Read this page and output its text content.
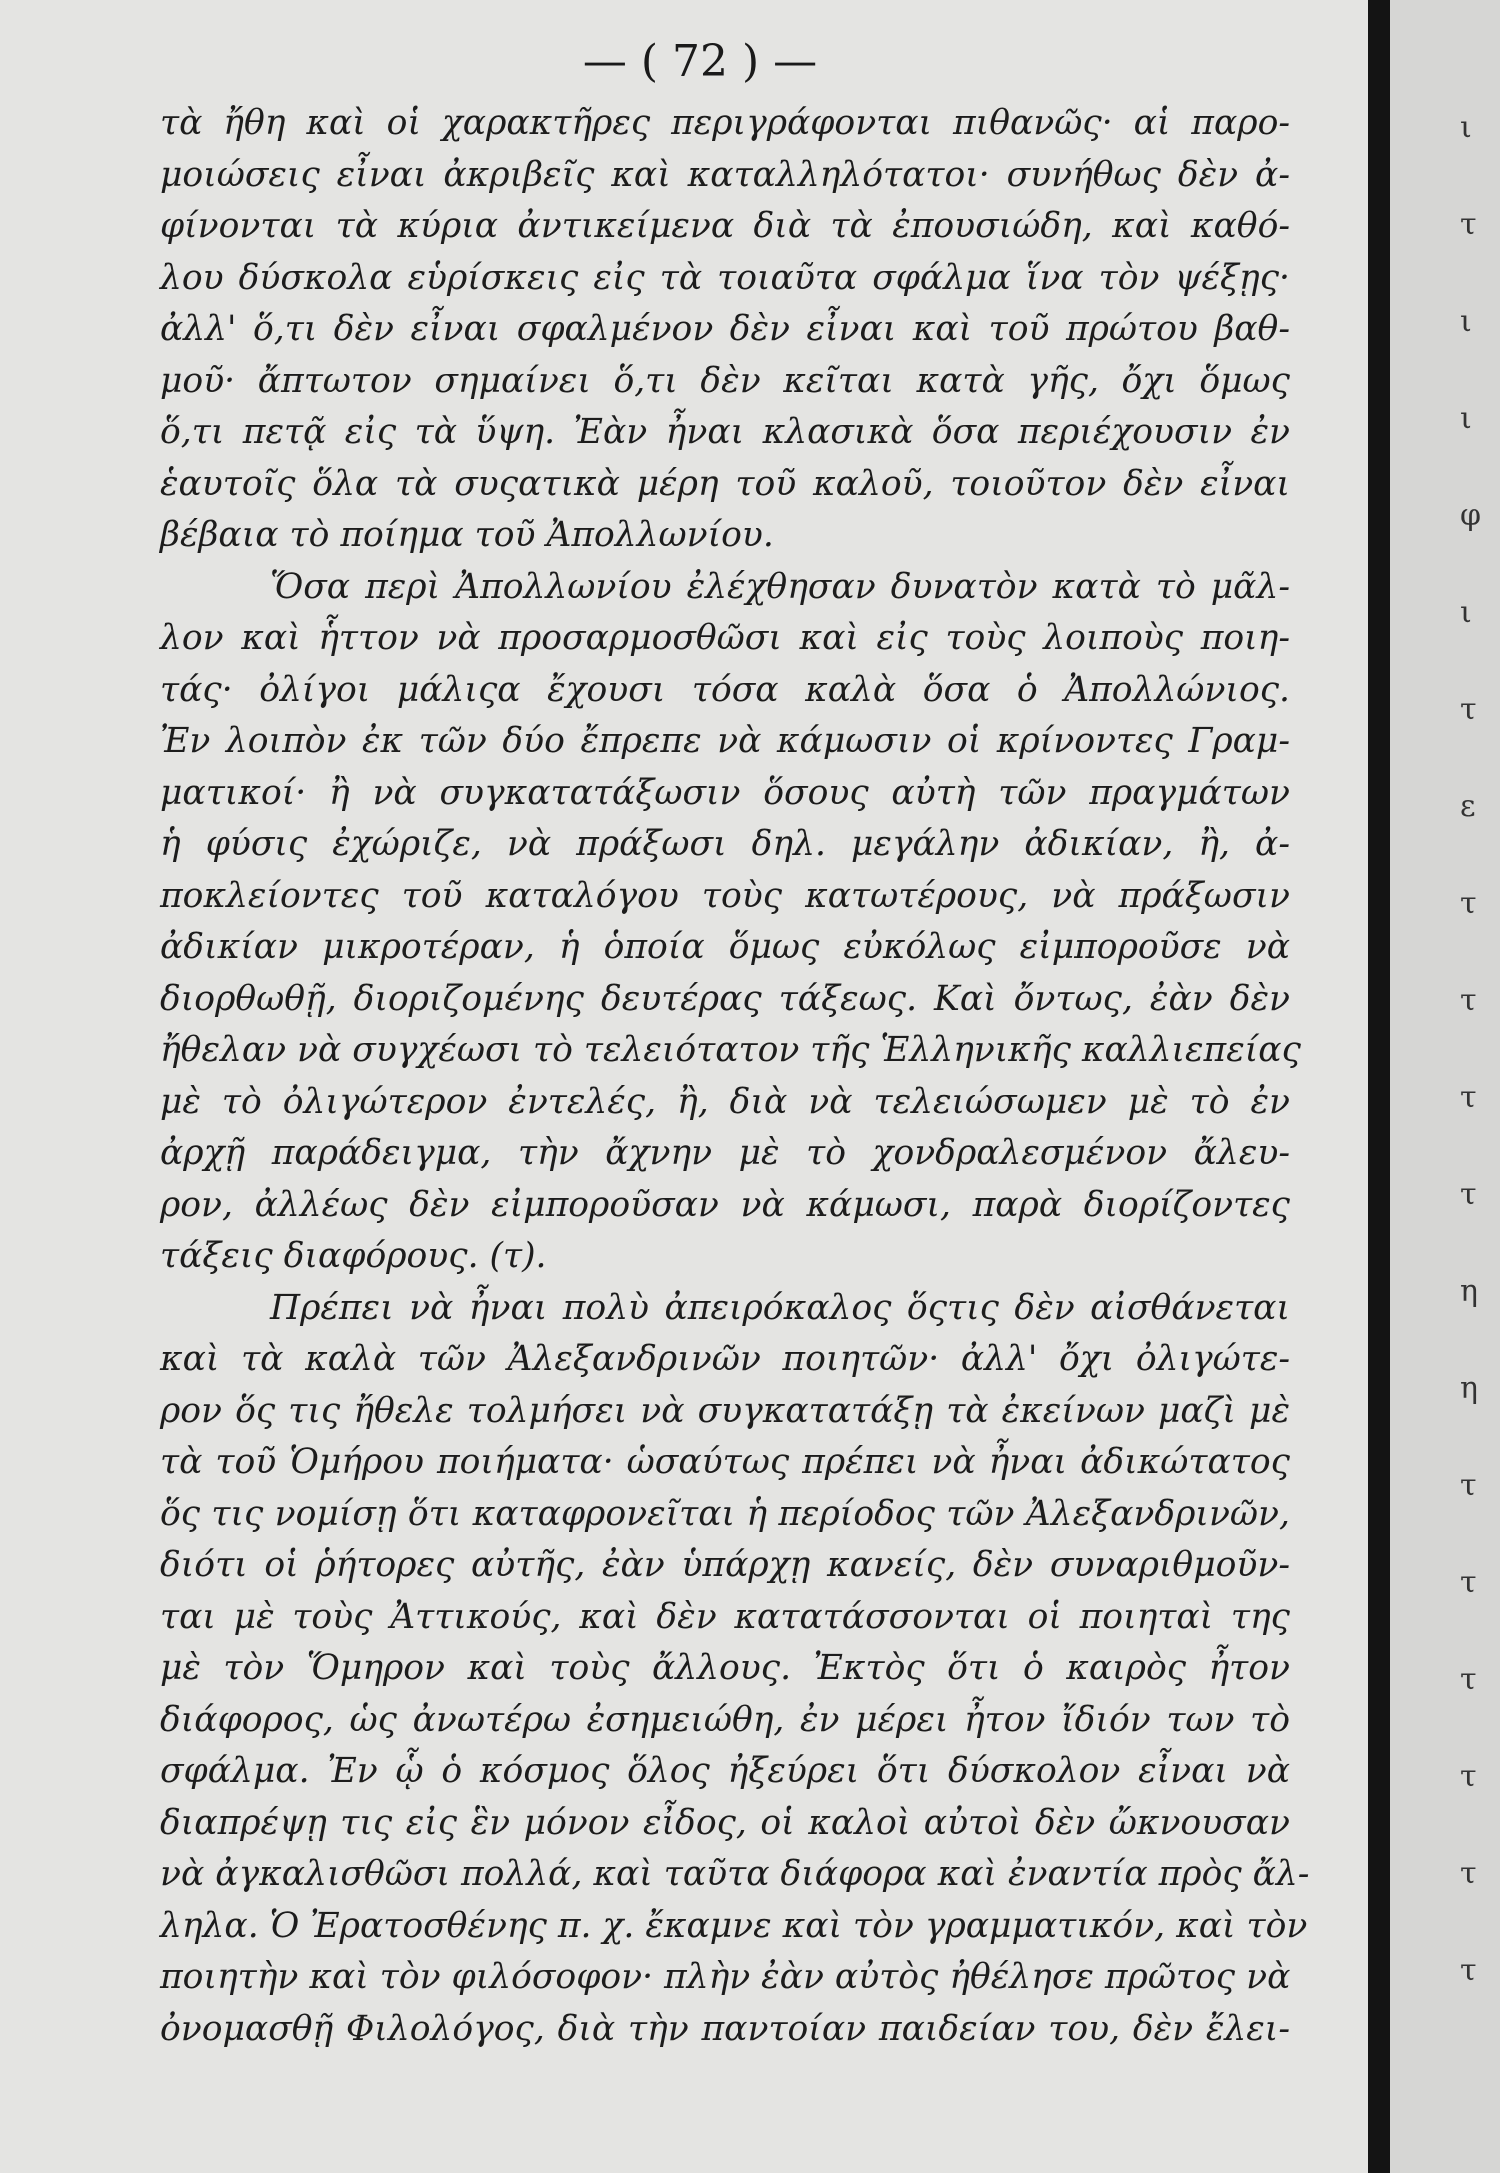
— ( 72 ) —
τὰ ἤθη καὶ οἱ χαρακτῆρες περιγράφονται πιθανῶς· αἱ παρο-
μοιώσεις εἶναι ἀκριβεῖς καὶ καταλληλότατοι· συνήθως δὲν ἀ-
φίνονται τὰ κύρια ἀντικείμενα διὰ τὰ ἐπουσιώδη, καὶ καθό-
λου δύσκολα εὑρίσκεις εἰς τὰ τοιαῦτα σφάλμα ἵνα τὸν ψέξῃς·
ἀλλ' ὅ,τι δὲν εἶναι σφαλμένον δὲν εἶναι καὶ τοῦ πρώτου βαθ-
μοῦ· ἄπτωτον σημαίνει ὅ,τι δὲν κεῖται κατὰ γῆς, ὄχι ὅμως
ὅ,τι πετᾷ εἰς τὰ ὕψη. Ἐὰν ἦναι κλασικὰ ὅσα περιέχουσιν ἐν
ἑαυτοῖς ὅλα τὰ συςατικὰ μέρη τοῦ καλοῦ, τοιοῦτον δὲν εἶναι
βέβαια τὸ ποίημα τοῦ Ἀπολλωνίου.
Ὅσα περὶ Ἀπολλωνίου ἐλέχθησαν δυνατὸν κατὰ τὸ μᾶλ-
λον καὶ ἧττον νὰ προσαρμοσθῶσι καὶ εἰς τοὺς λοιποὺς ποιη-
τάς· ὀλίγοι μάλιςα ἔχουσι τόσα καλὰ ὅσα ὁ Ἀπολλώνιος.
Ἐν λοιπὸν ἐκ τῶν δύο ἔπρεπε νὰ κάμωσιν οἱ κρίνοντες Γραμ-
ματικοί· ἢ νὰ συγκατατάξωσιν ὅσους αὐτὴ τῶν πραγμάτων
ἡ φύσις ἐχώριζε, νὰ πράξωσι δηλ. μεγάλην ἀδικίαν, ἢ, ἀ-
ποκλείοντες τοῦ καταλόγου τοὺς κατωτέρους, νὰ πράξωσιν
ἀδικίαν μικροτέραν, ἡ ὁποία ὅμως εὐκόλως εἰμποροῦσε νὰ
διορθωθῇ, διοριζομένης δευτέρας τάξεως. Καὶ ὄντως, ἐὰν δὲν
ἤθελαν νὰ συγχέωσι τὸ τελειότατον τῆς Ἑλληνικῆς καλλιεπείας
μὲ τὸ ὀλιγώτερον ἐντελές, ἢ, διὰ νὰ τελειώσωμεν μὲ τὸ ἐν
ἀρχῇ παράδειγμα, τὴν ἄχνην μὲ τὸ χονδραλεσμένον ἄλευ-
ρον, ἀλλέως δὲν εἰμποροῦσαν νὰ κάμωσι, παρὰ διορίζοντες
τάξεις διαφόρους. (τ).
Πρέπει νὰ ἦναι πολὺ ἀπειρόκαλος ὅςτις δὲν αἰσθάνεται
καὶ τὰ καλὰ τῶν Ἀλεξανδρινῶν ποιητῶν· ἀλλ' ὄχι ὀλιγώτε-
ρον ὅς τις ἤθελε τολμήσει νὰ συγκατατάξῃ τὰ ἐκείνων μαζὶ μὲ
τὰ τοῦ Ὁμήρου ποιήματα· ὡσαύτως πρέπει νὰ ἦναι ἀδικώτατος
ὅς τις νομίσῃ ὅτι καταφρονεῖται ἡ περίοδος τῶν Ἀλεξανδρινῶν,
διότι οἱ ῥήτορες αὐτῆς, ἐὰν ὑπάρχῃ κανείς, δὲν συναριθμοῦν-
ται μὲ τοὺς Ἀττικούς, καὶ δὲν κατατάσσονται οἱ ποιηταὶ της
μὲ τὸν Ὅμηρον καὶ τοὺς ἄλλους. Ἐκτὸς ὅτι ὁ καιρὸς ἦτον
διάφορος, ὡς ἀνωτέρω ἐσημειώθη, ἐν μέρει ἦτον ἴδιόν των τὸ
σφάλμα. Ἐν ᾧ ὁ κόσμος ὅλος ἠξεύρει ὅτι δύσκολον εἶναι νὰ
διαπρέψῃ τις εἰς ἓν μόνον εἶδος, οἱ καλοὶ αὐτοὶ δὲν ὤκνουσαν
νὰ ἀγκαλισθῶσι πολλά, καὶ ταῦτα διάφορα καὶ ἐναντία πρὸς ἄλ-
ληλα. Ὁ Ἐρατοσθένης π. χ. ἔκαμνε καὶ τὸν γραμματικόν, καὶ τὸν
ποιητὴν καὶ τὸν φιλόσοφον· πλὴν ἐὰν αὐτὸς ἠθέλησε πρῶτος νὰ
ὀνομασθῇ Φιλολόγος, διὰ τὴν παντοίαν παιδείαν του, δὲν ἔλει-
ι
τ
ι
ι
φ
ι
τ
ε
τ
τ
τ
τ
η
η
τ
τ
τ
τ
τ
τ
